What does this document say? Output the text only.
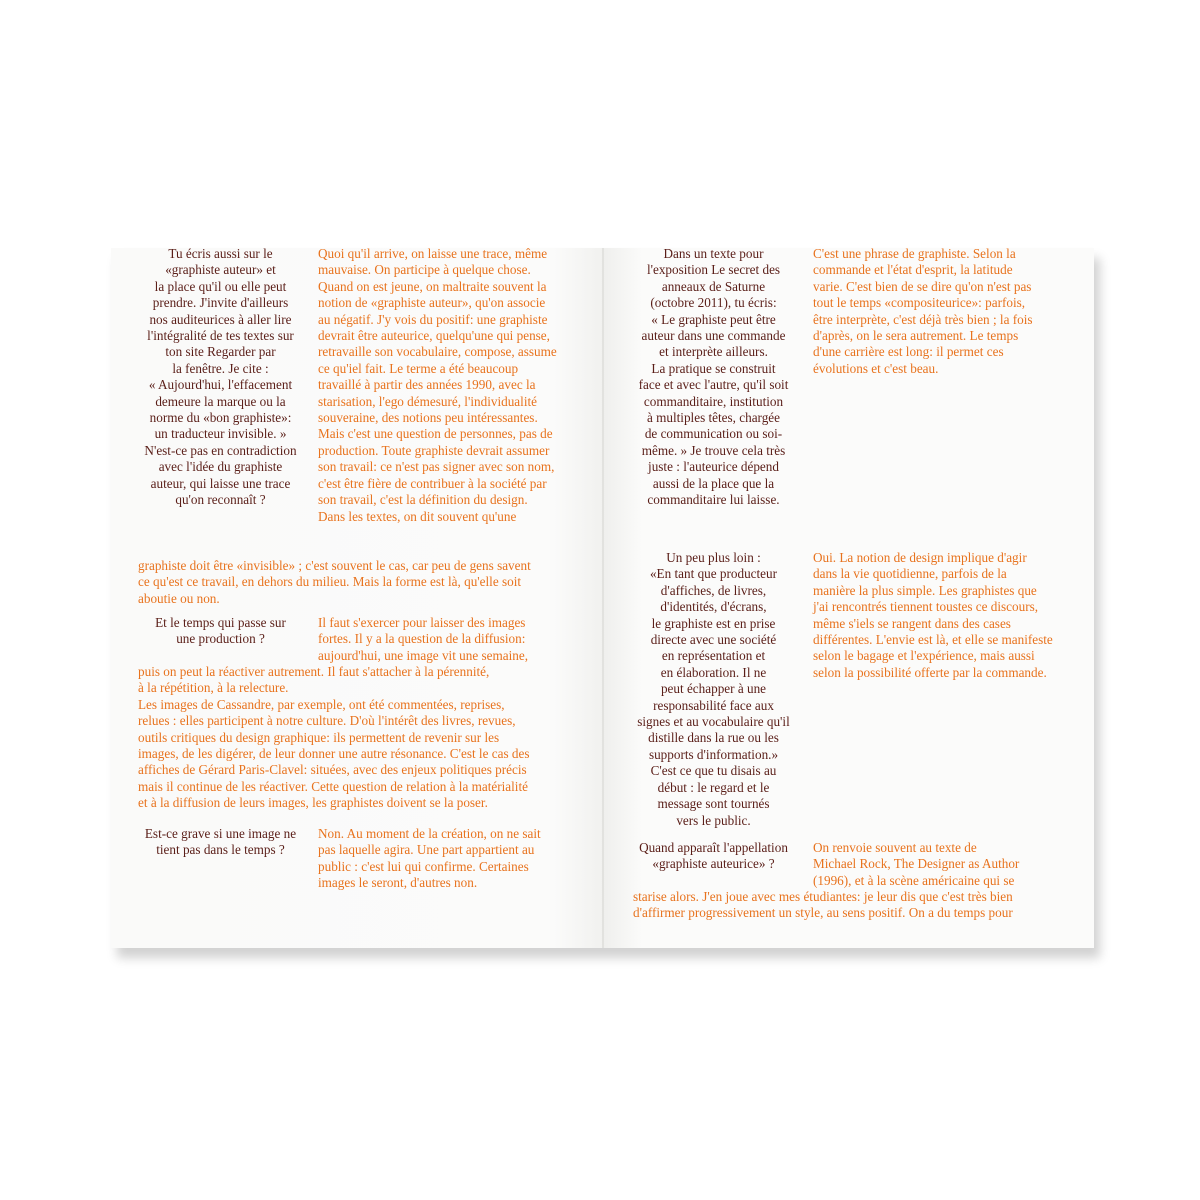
Tu écris aussi sur le
«graphiste auteur» et
la place qu'il ou elle peut
prendre. J'invite d'ailleurs
nos auditeurices à aller lire
l'intégralité de tes textes sur
ton site Regarder par
la fenêtre. Je cite :
« Aujourd'hui, l'effacement
demeure la marque ou la
norme du «bon graphiste»:
un traducteur invisible. »
N'est-ce pas en contradiction
avec l'idée du graphiste
auteur, qui laisse une trace
qu'on reconnaît ?
Quoi qu'il arrive, on laisse une trace, même
mauvaise. On participe à quelque chose.
Quand on est jeune, on maltraite souvent la
notion de «graphiste auteur», qu'on associe
au négatif. J'y vois du positif: une graphiste
devrait être auteurice, quelqu'une qui pense,
retravaille son vocabulaire, compose, assume
ce qu'iel fait. Le terme a été beaucoup
travaillé à partir des années 1990, avec la
starisation, l'ego démesuré, l'individualité
souveraine, des notions peu intéressantes.
Mais c'est une question de personnes, pas de
production. Toute graphiste devrait assumer
son travail: ce n'est pas signer avec son nom,
c'est être fière de contribuer à la société par
son travail, c'est la définition du design.
Dans les textes, on dit souvent qu'une
graphiste doit être «invisible» ; c'est souvent le cas, car peu de gens savent
ce qu'est ce travail, en dehors du milieu. Mais la forme est là, qu'elle soit
aboutie ou non.
Et le temps qui passe sur
une production ?
Il faut s'exercer pour laisser des images
fortes. Il y a la question de la diffusion:
aujourd'hui, une image vit une semaine,
puis on peut la réactiver autrement. Il faut s'attacher à la pérennité,
à la répétition, à la relecture.
Les images de Cassandre, par exemple, ont été commentées, reprises,
relues : elles participent à notre culture. D'où l'intérêt des livres, revues,
outils critiques du design graphique: ils permettent de revenir sur les
images, de les digérer, de leur donner une autre résonance. C'est le cas des
affiches de Gérard Paris-Clavel: situées, avec des enjeux politiques précis
mais il continue de les réactiver. Cette question de relation à la matérialité
et à la diffusion de leurs images, les graphistes doivent se la poser.
Est-ce grave si une image ne
tient pas dans le temps ?
Non. Au moment de la création, on ne sait
pas laquelle agira. Une part appartient au
public : c'est lui qui confirme. Certaines
images le seront, d'autres non.
Dans un texte pour
l'exposition Le secret des
anneaux de Saturne
(octobre 2011), tu écris:
« Le graphiste peut être
auteur dans une commande
et interprète ailleurs.
La pratique se construit
face et avec l'autre, qu'il soit
commanditaire, institution
à multiples têtes, chargée
de communication ou soi-
même. » Je trouve cela très
juste : l'auteurice dépend
aussi de la place que la
commanditaire lui laisse.
C'est une phrase de graphiste. Selon la
commande et l'état d'esprit, la latitude
varie. C'est bien de se dire qu'on n'est pas
tout le temps «compositeurice»: parfois,
être interprète, c'est déjà très bien ; la fois
d'après, on le sera autrement. Le temps
d'une carrière est long: il permet ces
évolutions et c'est beau.
Un peu plus loin :
«En tant que producteur
d'affiches, de livres,
d'identités, d'écrans,
le graphiste est en prise
directe avec une société
en représentation et
en élaboration. Il ne
peut échapper à une
responsabilité face aux
signes et au vocabulaire qu'il
distille dans la rue ou les
supports d'information.»
C'est ce que tu disais au
début : le regard et le
message sont tournés
vers le public.
Oui. La notion de design implique d'agir
dans la vie quotidienne, parfois de la
manière la plus simple. Les graphistes que
j'ai rencontrés tiennent toustes ce discours,
même s'iels se rangent dans des cases
différentes. L'envie est là, et elle se manifeste
selon le bagage et l'expérience, mais aussi
selon la possibilité offerte par la commande.
Quand apparaît l'appellation
«graphiste auteurice» ?
On renvoie souvent au texte de
Michael Rock, The Designer as Author
(1996), et à la scène américaine qui se
starise alors. J'en joue avec mes étudiantes: je leur dis que c'est très bien
d'affirmer progressivement un style, au sens positif. On a du temps pour
